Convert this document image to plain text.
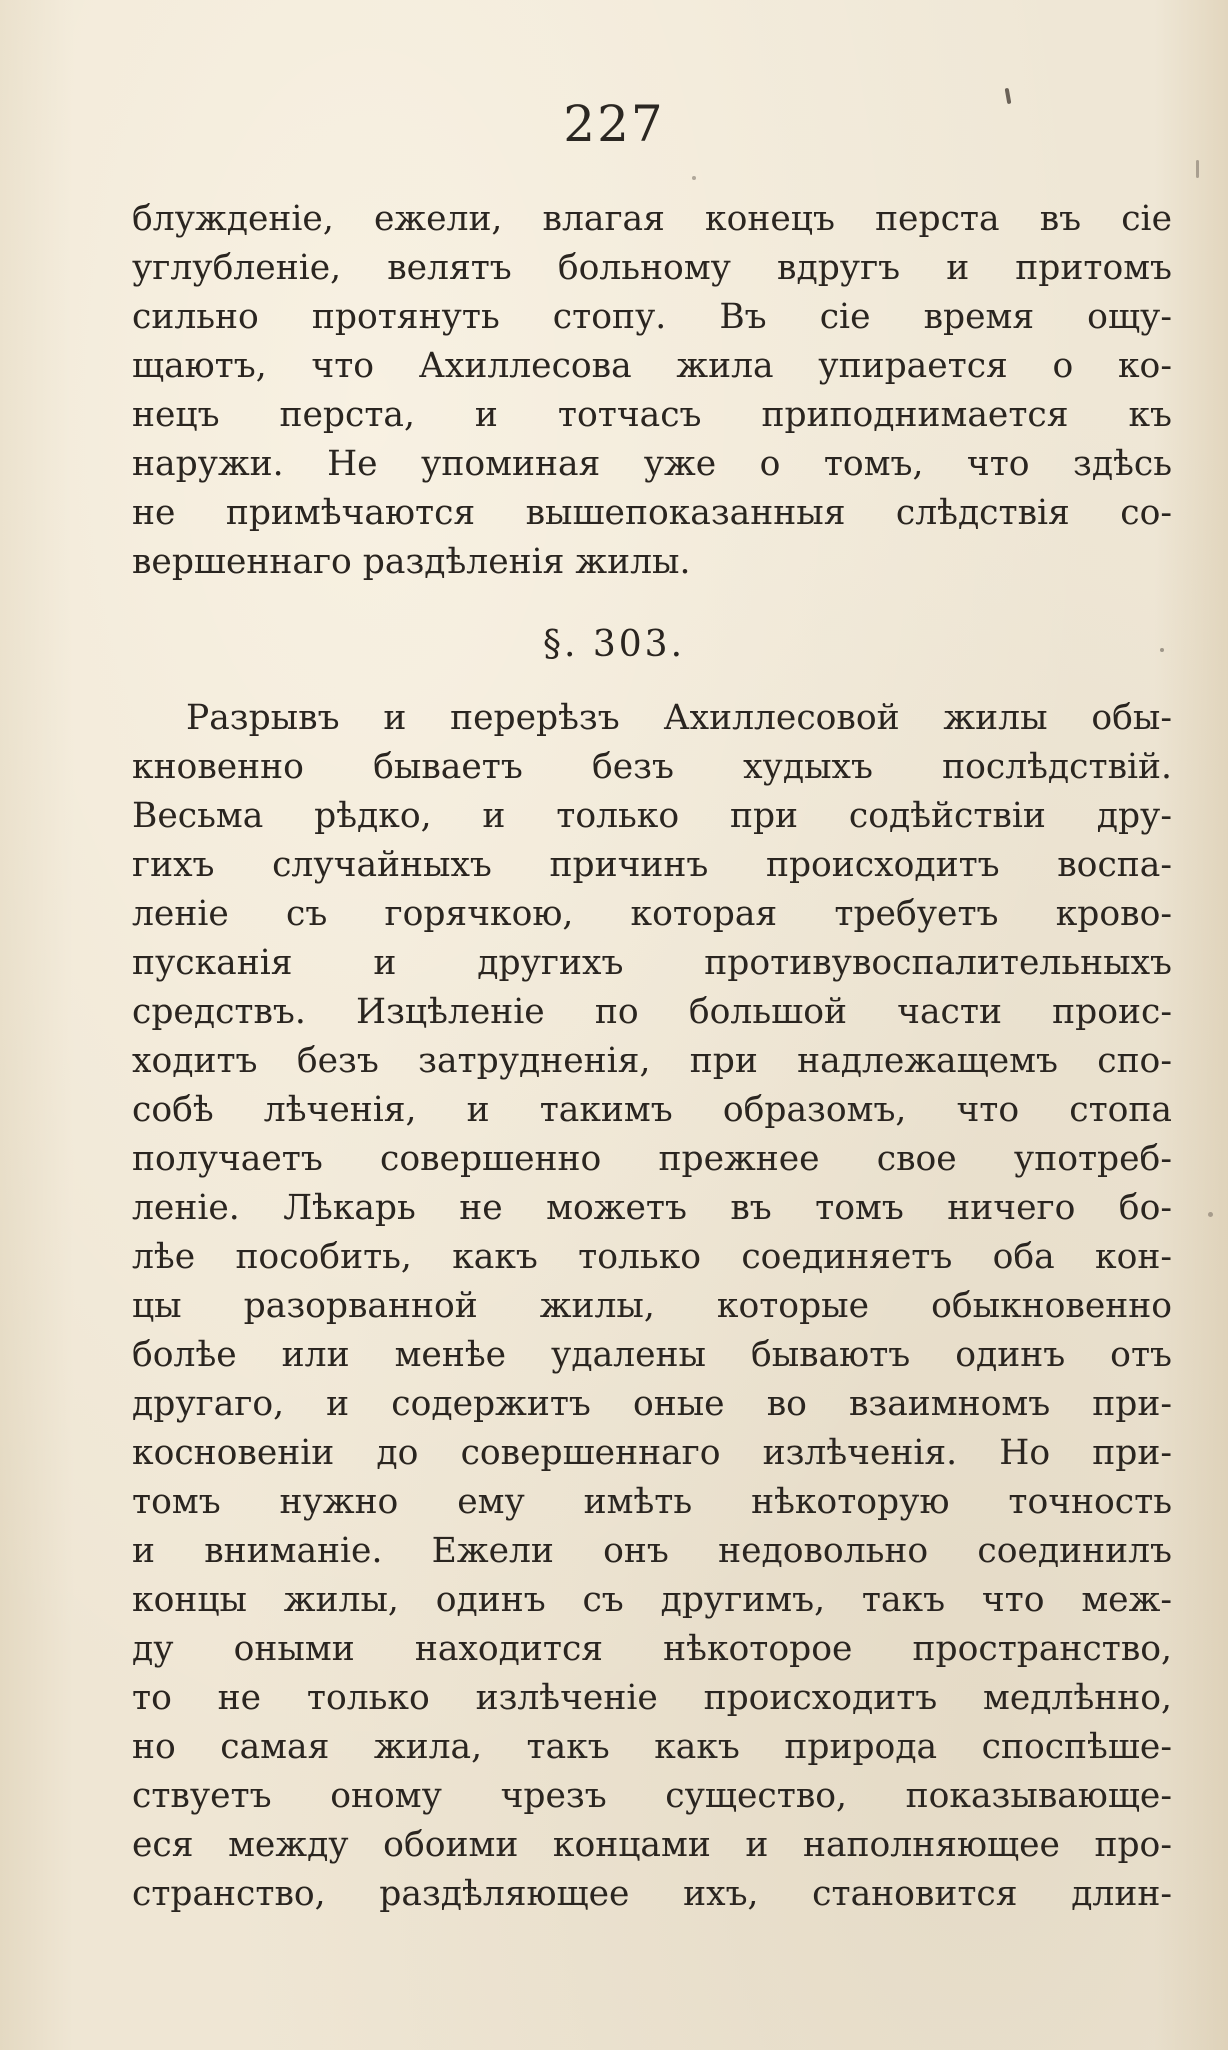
227
блужденіе, ежели, влагая конецъ перста въ сіе
углубленіе, велятъ больному вдругъ и притомъ
сильно протянуть стопу. Въ сіе время ощу-
щаютъ, что Ахиллесова жила упирается о ко-
нецъ перста, и тотчасъ приподнимается къ
наружи. Не упоминая уже о томъ, что здѣсь
не примѣчаются вышепоказанныя слѣдствія со-
вершеннаго раздѣленія жилы.
§. 303.
Разрывъ и перерѣзъ Ахиллесовой жилы обы-
кновенно бываетъ безъ худыхъ послѣдствій.
Весьма рѣдко, и только при содѣйствіи дру-
гихъ случайныхъ причинъ происходитъ воспа-
леніе съ горячкою, которая требуетъ крово-
пусканія и другихъ противувоспалительныхъ
средствъ. Изцѣленіе по большой части проис-
ходитъ безъ затрудненія, при надлежащемъ спо-
собѣ лѣченія, и такимъ образомъ, что стопа
получаетъ совершенно прежнее свое употреб-
леніе. Лѣкарь не можетъ въ томъ ничего бо-
лѣе пособить, какъ только соединяетъ оба кон-
цы разорванной жилы, которые обыкновенно
болѣе или менѣе удалены бываютъ одинъ отъ
другаго, и содержитъ оные во взаимномъ при-
косновеніи до совершеннаго излѣченія. Но при-
томъ нужно ему имѣть нѣкоторую точность
и вниманіе. Ежели онъ недовольно соединилъ
концы жилы, одинъ съ другимъ, такъ что меж-
ду оными находится нѣкоторое пространство,
то не только излѣченіе происходитъ медлѣнно,
но самая жила, такъ какъ природа споспѣше-
ствуетъ оному чрезъ существо, показывающе-
еся между обоими концами и наполняющее про-
странство, раздѣляющее ихъ, становится длин-
